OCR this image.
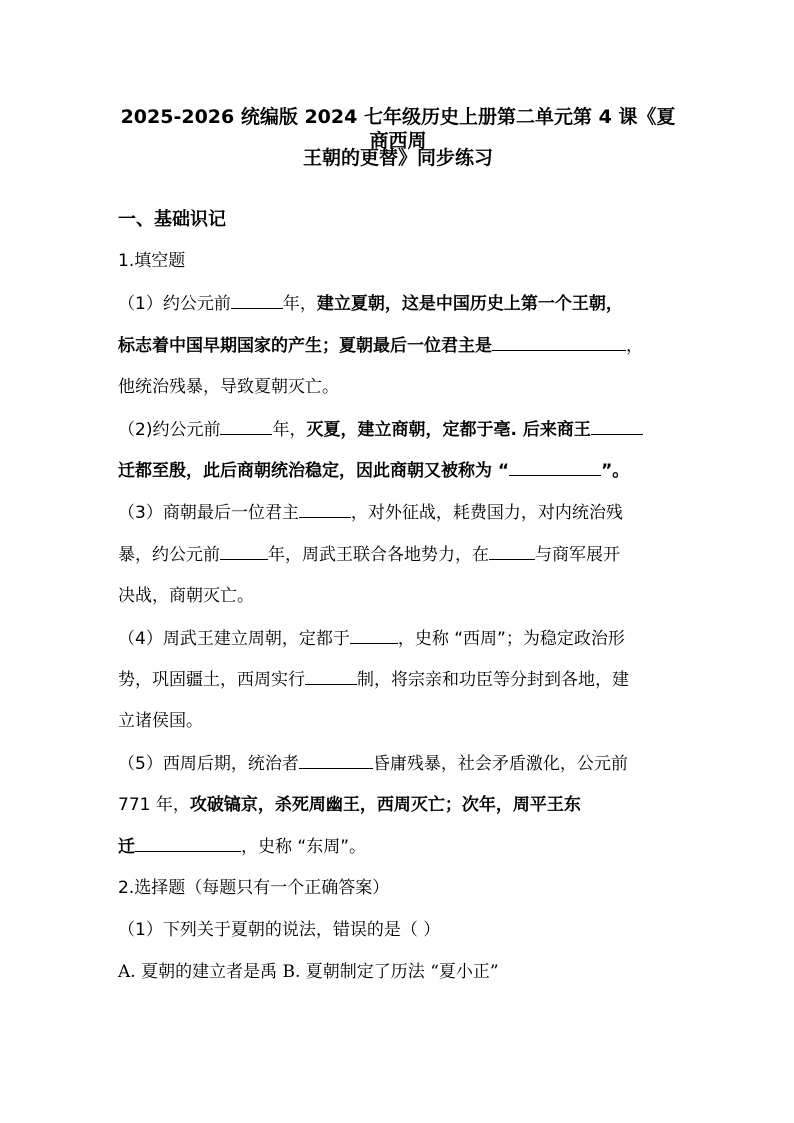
2025-2026 统编版 2024 七年级历史上册第二单元第 4 课《夏商西周
王朝的更替》同步练习
一、基础识记
1.填空题
（1）约公元前	年，建立夏朝，这是中国历史上第一个王朝，
标志着中国早期国家的产生；夏朝最后一位君主是	，
他统治残暴，导致夏朝灭亡。
（2)约公元前	年，灭夏，建立商朝，定都于亳. 后来商王
迁都至殷，此后商朝统治稳定，因此商朝又被称为 “	”。
（3）商朝最后一位君主	，对外征战，耗费国力，对内统治残
暴，约公元前	年，周武王联合各地势力，在	与商军展开
决战，商朝灭亡。
（4）周武王建立周朝，定都于	，史称 “西周”；为稳定政治形
势，巩固疆土，西周实行	制，将宗亲和功臣等分封到各地，建
立诸侯国。
（5）西周后期，统治者	昏庸残暴，社会矛盾激化，公元前
771 年，攻破镐京，杀死周幽王，西周灭亡；次年，周平王东
迁	，史称 “东周”。
2.选择题（每题只有一个正确答案）
（1）下列关于夏朝的说法，错误的是（ ）
A. 夏朝的建立者是禹 B. 夏朝制定了历法 “夏小正”
